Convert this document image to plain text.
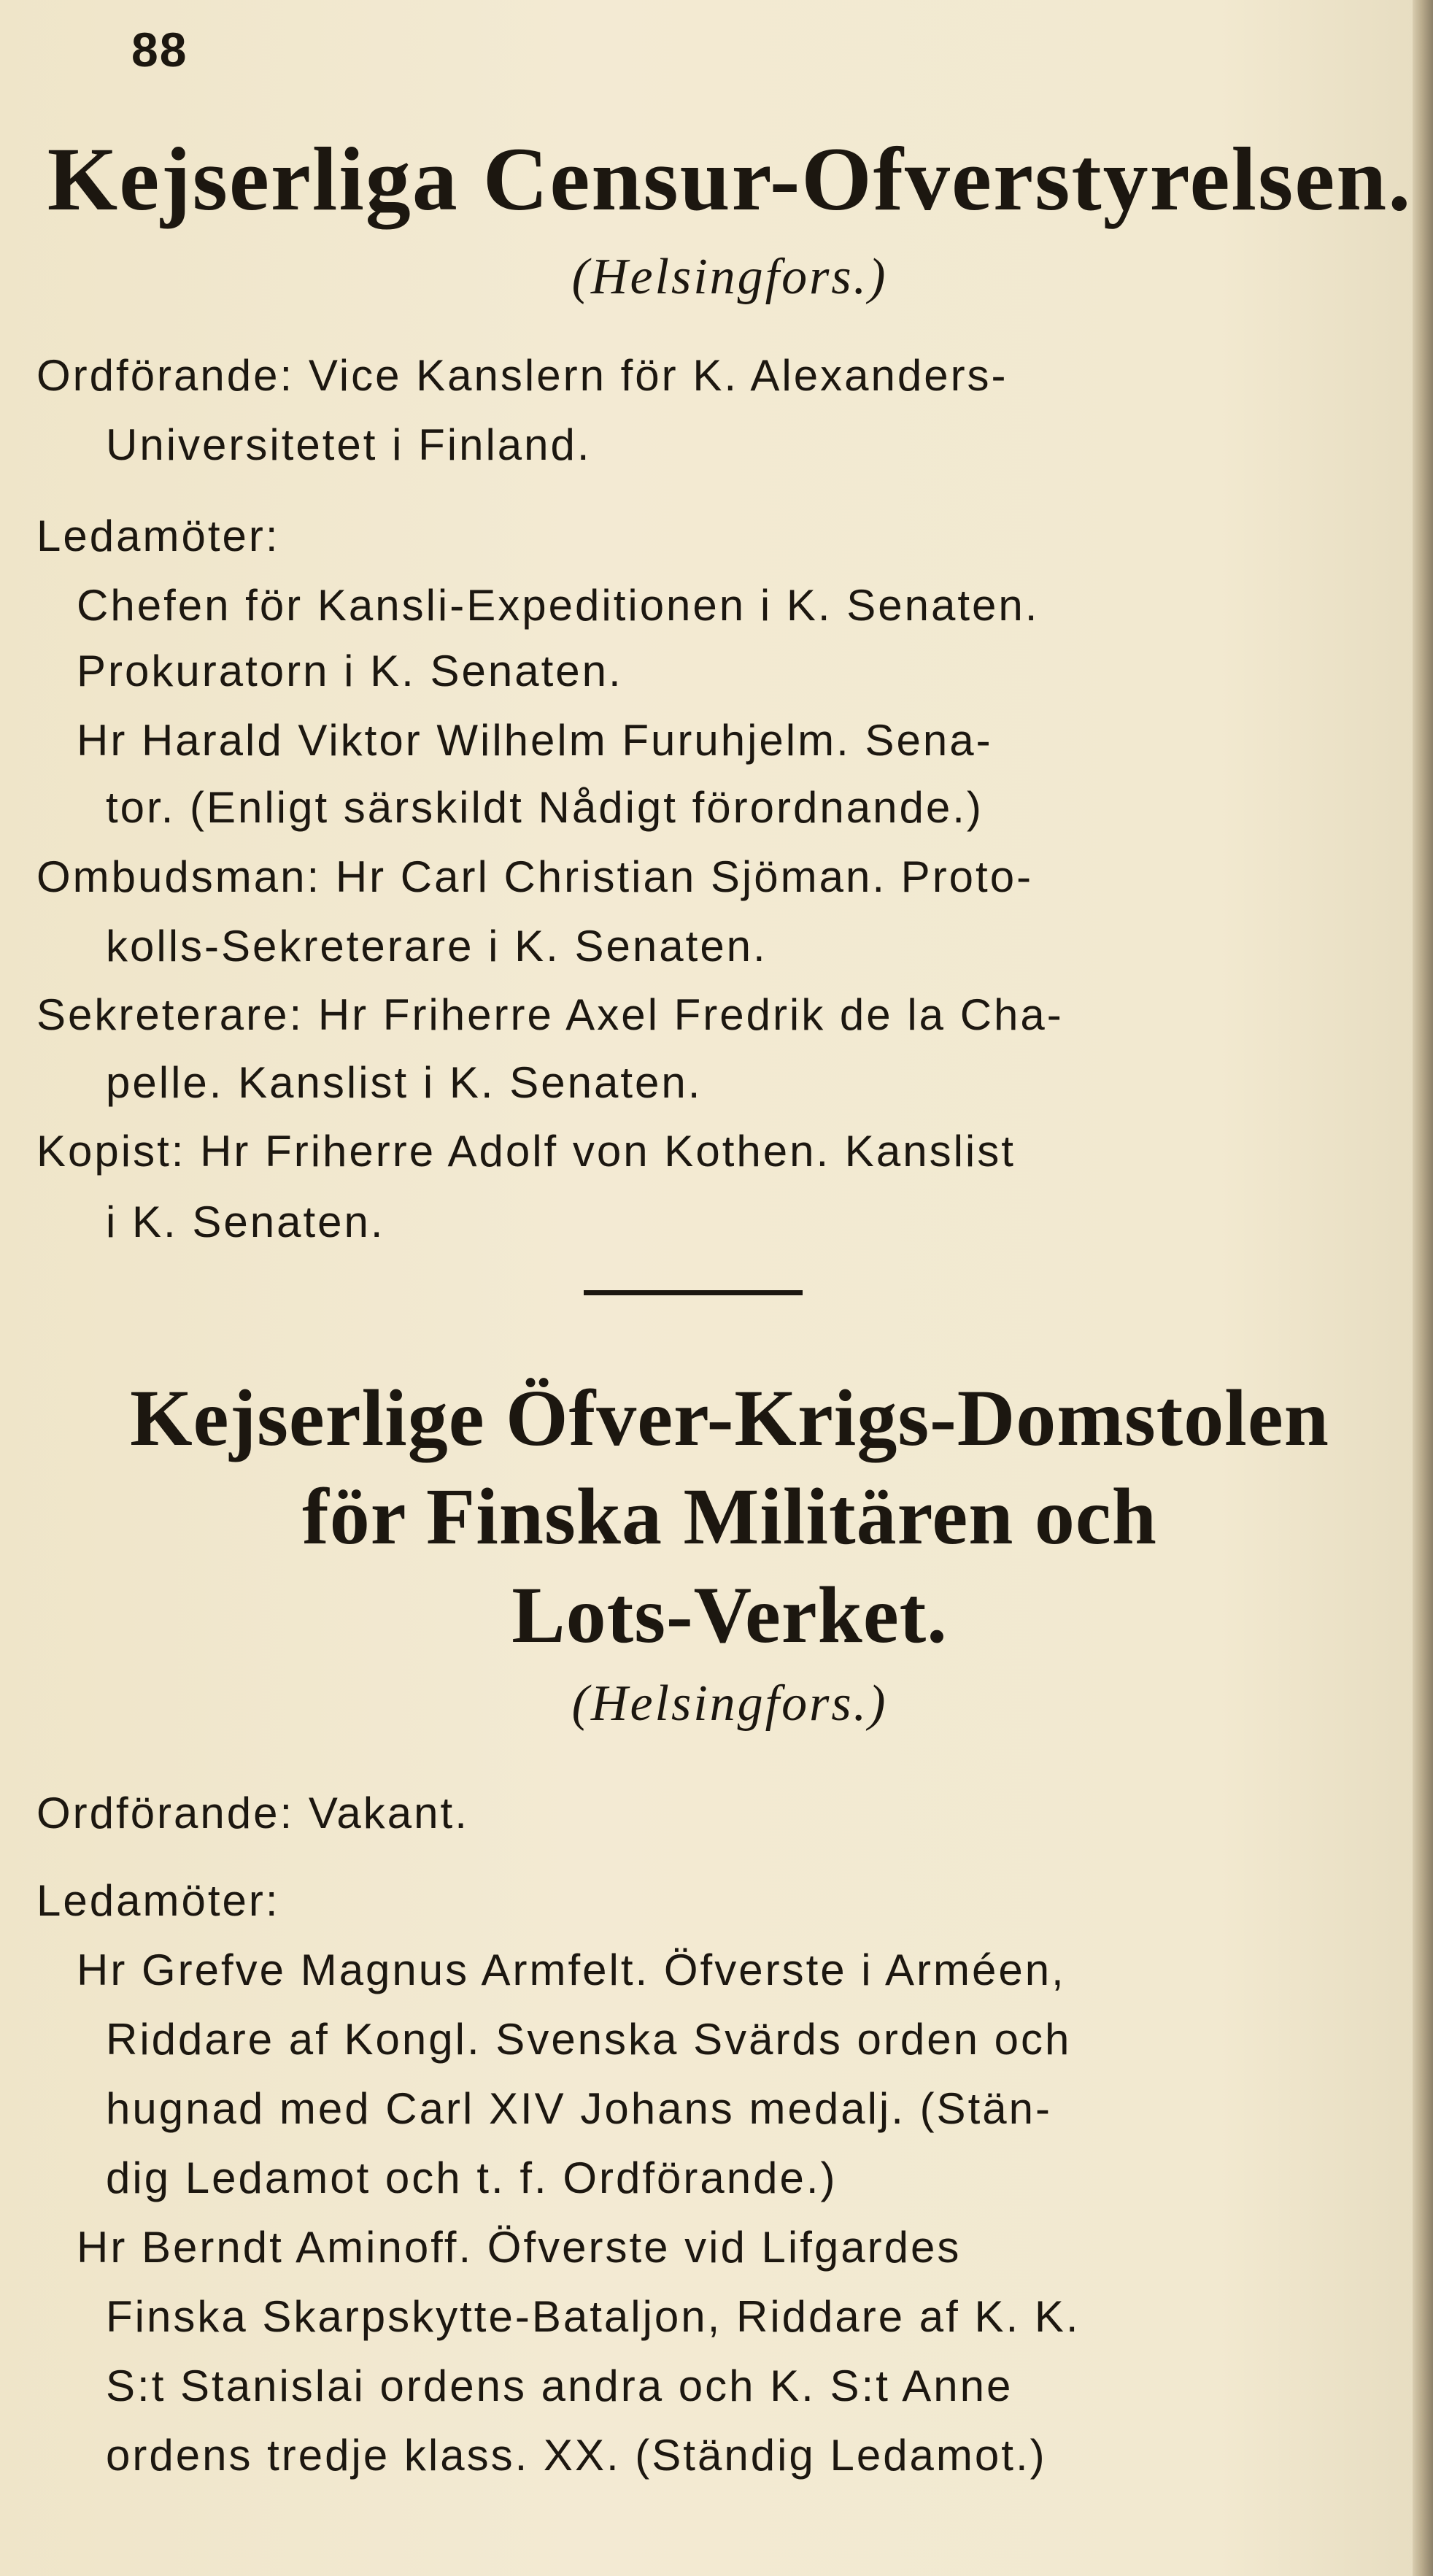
88
Kejserliga Censur-Ofverstyrelsen.
(Helsingfors.)
Ordförande: Vice Kanslern för K. Alexanders-
Universitetet i Finland.
Ledamöter:
Chefen för Kansli-Expeditionen i K. Senaten.
Prokuratorn i K. Senaten.
Hr Harald Viktor Wilhelm Furuhjelm. Sena-
tor. (Enligt särskildt Nådigt förordnande.)
Ombudsman: Hr Carl Christian Sjöman. Proto-
kolls-Sekreterare i K. Senaten.
Sekreterare: Hr Friherre Axel Fredrik de la Cha-
pelle. Kanslist i K. Senaten.
Kopist: Hr Friherre Adolf von Kothen. Kanslist
i K. Senaten.
Kejserlige Öfver-Krigs-Domstolen
för Finska Militären och
Lots-Verket.
(Helsingfors.)
Ordförande: Vakant.
Ledamöter:
Hr Grefve Magnus Armfelt. Öfverste i Arméen,
Riddare af Kongl. Svenska Svärds orden och
hugnad med Carl XIV Johans medalj. (Stän-
dig Ledamot och t. f. Ordförande.)
Hr Berndt Aminoff. Öfverste vid Lifgardes
Finska Skarpskytte-Bataljon, Riddare af K. K.
S:t Stanislai ordens andra och K. S:t Anne
ordens tredje klass. XX. (Ständig Ledamot.)
